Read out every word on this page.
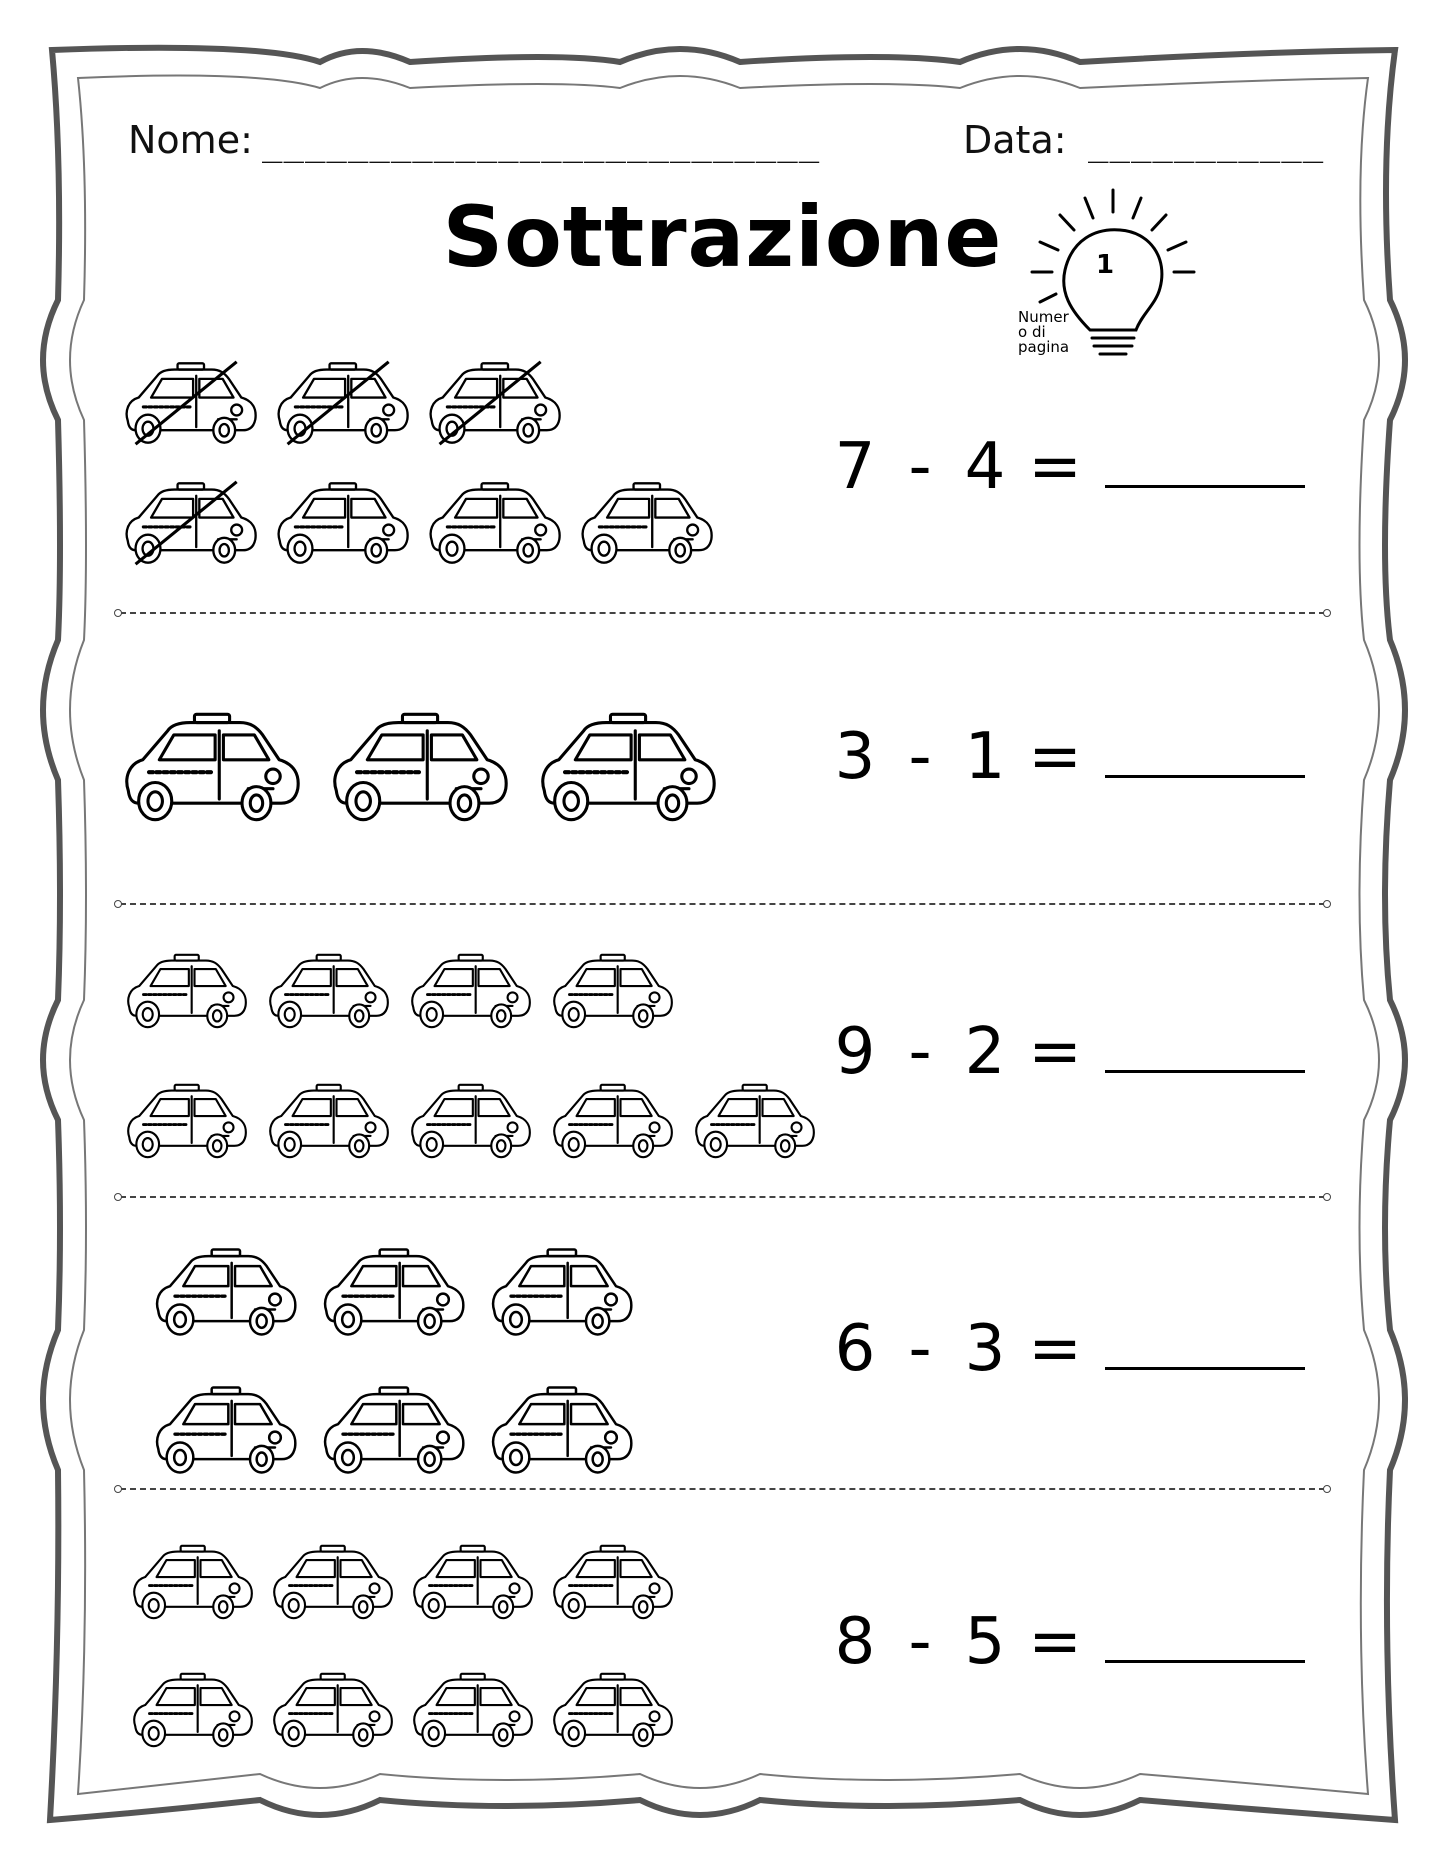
Nome: __________________________	Data: ___________
Sottrazione	1
Numer
o di
pagina
7 - 4 =
3 - 1 =
9 - 2 =
6 - 3 =
8 - 5 =
